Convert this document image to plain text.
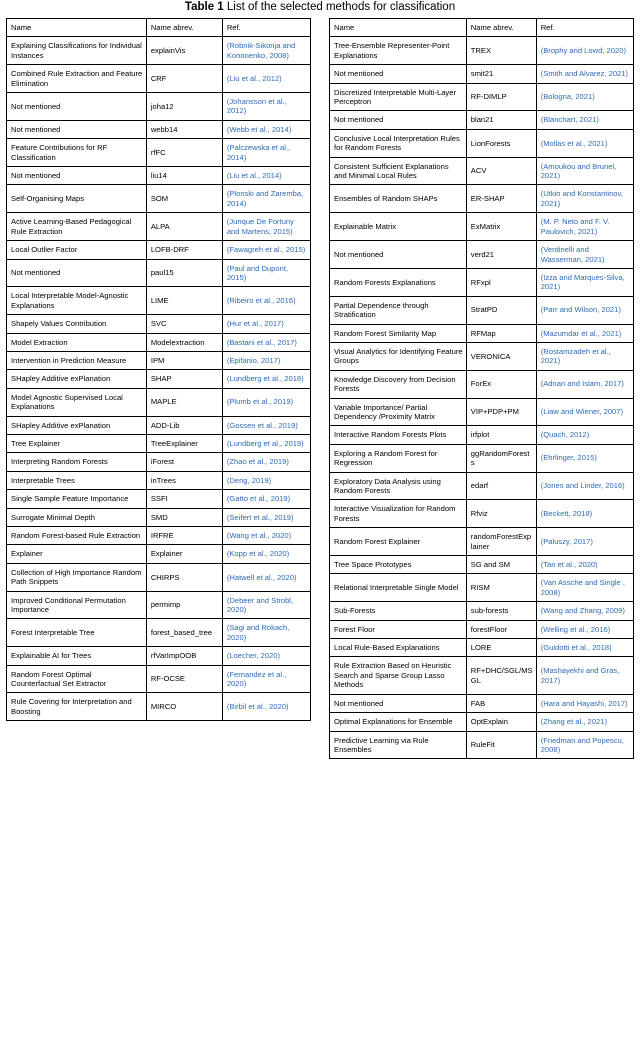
Table 1 List of the selected methods for classification
Name	Name abrev.	Ref.
Explaining Classifications for Individual Instances	explainVis	(Robnik-Sikonja and Kononenko, 2008)
Combined Rule Extraction and Feature Elimination	CRF	(Liu et al., 2012)
Not mentioned	joha12	(Johansson et al., 2012)
Not mentioned	webb14	(Webb et al., 2014)
Feature Contributions for RF Classification	rfFC	(Palczewska et al., 2014)
Not mentioned	liu14	(Liu et al., 2014)
Self-Organising Maps	SOM	(Plonski and Zaremba, 2014)
Active Learning-Based Pedagogical Rule Extraction	ALPA	(Junque De Fortuny and Martens, 2015)
Local Outlier Factor	LOFB-DRF	(Fawagreh et al., 2015)
Not mentioned	paul15	(Paul and Dupont, 2015)
Local Interpretable Model-Agnostic Explanations	LIME	(Ribeiro et al., 2016)
Shapely Values Contribution	SVC	(Hur et al., 2017)
Model Extraction	Modelextraction	(Bastani et al., 2017)
Intervention in Prediction Measure	IPM	(Epifanio, 2017)
SHapley Additive exPlanation	SHAP	(Lundberg et al., 2018)
Model Agnostic Supervised Local Explanations	MAPLE	(Plumb et al., 2019)
SHapley Additive exPlanation	ADD-Lib	(Gossen et al., 2019)
Tree Explainer	TreeExplainer	(Lundberg et al., 2019)
Interpreting Random Forests	iForest	(Zhao et al., 2019)
Interpretable Trees	inTrees	(Deng, 2019)
Single Sample Feature Importance	SSFI	(Gatto et al., 2019)
Surrogate Minimal Depth	SMD	(Seifert et al., 2019)
Random Forest-based Rule Extraction	IRFRE	(Wang et al., 2020)
Explainer	Explainer	(Kopp et al., 2020)
Collection of High Importance Random Path Snippets	CHIRPS	(Hatwell et al., 2020)
Improved Conditional Permutation Importance	permimp	(Debeer and Strobl, 2020)
Forest Interpretable Tree	forest_based_tree	(Sagi and Rokach, 2020)
Explainable AI for Trees	rfVarImpOOB	(Loecher, 2020)
Random Forest Optimal Counterfactual Set Extractor	RF-OCSE	(Fernandez et al., 2020)
Rule Covering for Interpretation and Boosting	MIRCO	(Birbil et al., 2020)
Name	Name abrev.	Ref.
Tree-Ensemble Representer-Point Explanations	TREX	(Brophy and Lowd, 2020)
Not mentioned	smit21	(Smith and Alvarez, 2021)
Discretized Interpretable Multi-Layer Perceptron	RF-DIMLP	(Bologna, 2021)
Not mentioned	blan21	(Blanchart, 2021)
Conclusive Local Interpretation Rules for Random Forests	LionForests	(Mollas et al., 2021)
Consistent Sufficient Explanations and Minimal Local Rules	ACV	(Amoukou and Brunel, 2021)
Ensembles of Random SHAPs	ER-SHAP	(Utkin and Konstantinov, 2021)
Explainable Matrix	ExMatrix	(M. P. Neto and F. V. Paulovich, 2021)
Not mentioned	verd21	(Verdinelli and Wasserman, 2021)
Random Forests Explanations	RFxpl	(Izza and Marques-Silva, 2021)
Partial Dependence through Stratification	StratPD	(Parr and Wilson, 2021)
Random Forest Similarity Map	RFMap	(Mazumdar et al., 2021)
Visual Analytics for Identifying Feature Groups	VERONICA	(Rostamzadeh et al., 2021)
Knowledge Discovery from Decision Forests	ForEx	(Adnan and Islam, 2017)
Variable Importance/ Partial Dependency /Proximity Matrix	VIP+PDP+PM	(Liaw and Wiener, 2007)
Interactive Random Forests Plots	irfplot	(Quach, 2012)
Exploring a Random Forest for Regression	ggRandomForests	(Ehrlinger, 2015)
Exploratory Data Analysis using Random Forests	edarf	(Jones and Linder, 2016)
Interactive Visualization for Random Forests	Rfviz	(Beckett, 2018)
Random Forest Explainer	randomForestExplainer	(Paluszy, 2017)
Tree Space Prototypes	SG and SM	(Tan et al., 2020)
Relational Interpretable Single Model	RISM	(Van Assche and Single , 2008)
Sub-Forests	sub-forests	(Wang and Zhang, 2009)
Forest Floor	forestFloor	(Welling et al., 2016)
Local Rule-Based Explanations	LORE	(Guidotti et al., 2018)
Rule Extraction Based on Heuristic Search and Sparse Group Lasso Methods	RF+DHC/SGL/MSGL	(Mashayekhi and Gras, 2017)
Not mentioned	FAB	(Hara and Hayashi, 2017)
Optimal Explanations for Ensemble	OptExplain	(Zhang et al., 2021)
Predictive Learning via Rule Ensembles	RuleFit	(Friedman and Popescu, 2008)
